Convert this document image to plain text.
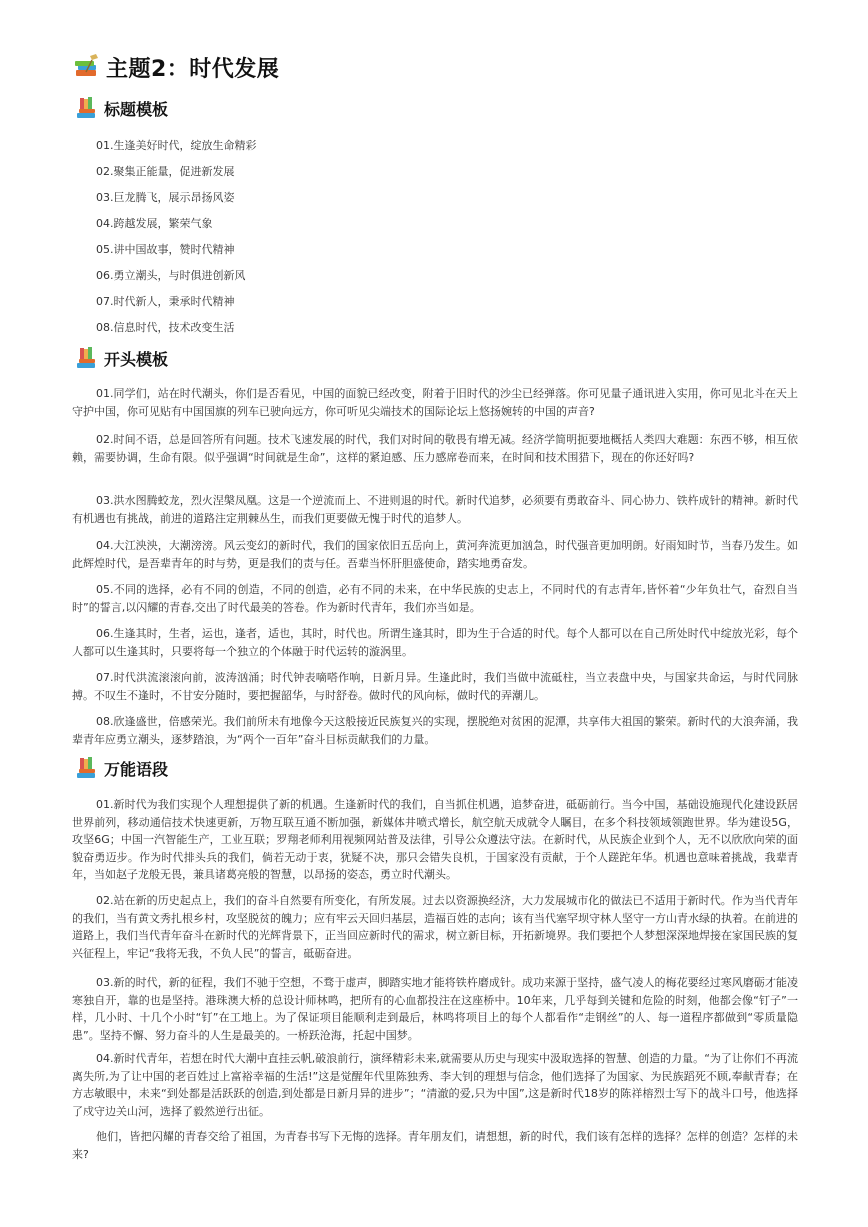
主题2：时代发展
标题模板
01.生逢美好时代，绽放生命精彩
02.聚集正能量，促进新发展
03.巨龙腾飞，展示昂扬风姿
04.跨越发展，繁荣气象
05.讲中国故事，赞时代精神
06.勇立潮头，与时俱进创新风
07.时代新人，秉承时代精神
08.信息时代，技术改变生活
开头模板
01.同学们，站在时代潮头，你们是否看见，中国的面貌已经改变，附着于旧时代的沙尘已经弹落。你可见量子通讯进入实用，你可见北斗在天上守护中国，你可见贴有中国国旗的列车已驶向远方，你可听见尖端技术的国际论坛上悠扬婉转的中国的声音?
02.时间不语，总是回答所有问题。技术飞速发展的时代，我们对时间的敬畏有增无减。经济学简明扼要地概括人类四大难题：东西不够，相互依赖，需要协调，生命有限。似乎强调“时间就是生命”，这样的紧迫感、压力感席卷而来，在时间和技术围猎下，现在的你还好吗?
03.洪水图腾蛟龙，烈火涅槃凤凰。这是一个逆流而上、不进则退的时代。新时代追梦，必须要有勇敢奋斗、同心协力、铁杵成针的精神。新时代有机遇也有挑战，前进的道路注定荆棘丛生，而我们更要做无愧于时代的追梦人。
04.大江泱泱，大潮滂滂。风云变幻的新时代，我们的国家依旧五岳向上，黄河奔流更加汹急，时代强音更加明朗。好雨知时节，当春乃发生。如此辉煌时代，是吾辈青年的时与势，更是我们的责与任。吾辈当怀肝胆盛使命，踏实地勇奋发。
05.不同的选择，必有不同的创造，不同的创造，必有不同的未来，在中华民族的史志上，不同时代的有志青年,皆怀着“少年负壮气，奋烈自当时”的誓言,以闪耀的青春,交出了时代最美的答卷。作为新时代青年，我们亦当如是。
06.生逢其时，生者，运也，逢者，适也，其时，时代也。所谓生逢其时，即为生于合适的时代。每个人都可以在自己所处时代中绽放光彩，每个人都可以生逢其时，只要将每一个独立的个体融于时代运转的漩涡里。
07.时代洪流滚滚向前，波涛汹涌；时代钟表嘀嗒作响，日新月异。生逢此时，我们当做中流砥柱，当立表盘中央，与国家共命运，与时代同脉搏。不叹生不逢时，不甘安分随时，要把握韶华，与时舒卷。做时代的风向标，做时代的弄潮儿。
08.欣逢盛世，倍感荣光。我们前所未有地像今天这般接近民族复兴的实现，摆脱绝对贫困的泥潭，共享伟大祖国的繁荣。新时代的大浪奔涌，我辈青年应勇立潮头，逐梦踏浪，为“两个一百年”奋斗目标贡献我们的力量。
万能语段
01.新时代为我们实现个人理想提供了新的机遇。生逢新时代的我们，自当抓住机遇，追梦奋进，砥砺前行。当今中国，基础设施现代化建设跃居世界前列，移动通信技术快速更新，万物互联互通不断加强，新媒体井喷式增长，航空航天成就令人瞩目，在多个科技领域领跑世界。华为建设5G，攻坚6G；中国一汽智能生产，工业互联；罗翔老师利用视频网站普及法律，引导公众遵法守法。在新时代，从民族企业到个人，无不以欣欣向荣的面貌奋勇迈步。作为时代排头兵的我们，倘若无动于衷，犹疑不决，那只会错失良机，于国家没有贡献，于个人蹉跎年华。机遇也意味着挑战，我辈青年，当如赵子龙般无畏，兼具诸葛亮般的智慧，以昂扬的姿态，勇立时代潮头。
02.站在新的历史起点上，我们的奋斗自然要有所变化，有所发展。过去以资源换经济，大力发展城市化的做法已不适用于新时代。作为当代青年的我们，当有黄文秀扎根乡村，攻坚脱贫的魄力；应有牢云天回归基层，造福百姓的志向；该有当代塞罕坝守林人坚守一方山青水绿的执着。在前进的道路上，我们当代青年奋斗在新时代的光辉背景下，正当回应新时代的需求，树立新目标，开拓新境界。我们要把个人梦想深深地焊接在家国民族的复兴征程上，牢记“我将无我，不负人民”的誓言，砥砺奋进。
03.新的时代，新的征程，我们不驰于空想，不骛于虚声，脚踏实地才能将铁杵磨成针。成功来源于坚持，盛气凌人的梅花要经过寒风磨砺才能凌寒独自开，靠的也是坚持。港珠澳大桥的总设计师林鸣，把所有的心血都投注在这座桥中。10年来，几乎每到关键和危险的时刻，他都会像“钉子”一样，几小时、十几个小时“钉”在工地上。为了保证项目能顺利走到最后，林鸣将项目上的每个人都看作“走钢丝”的人、每一道程序都做到“零质量隐患”。坚持不懈、努力奋斗的人生是最美的。一桥跃沧海，托起中国梦。
04.新时代青年，若想在时代大潮中直挂云帆,破浪前行，演绎精彩未来,就需要从历史与现实中汲取选择的智慧、创造的力量。“为了让你们不再流离失所,为了让中国的老百姓过上富裕幸福的生活!”这是觉醒年代里陈独秀、李大钊的理想与信念，他们选择了为国家、为民族蹈死不顾,奉献青春；在方志敏眼中，未来“到处都是活跃跃的创造,到处都是日新月异的进步”；“清澈的爱,只为中国”,这是新时代18岁的陈祥榕烈士写下的战斗口号，他选择了戍守边关山河，选择了毅然逆行出征。
他们，皆把闪耀的青春交给了祖国，为青春书写下无悔的选择。青年朋友们，请想想，新的时代，我们该有怎样的选择？怎样的创造？怎样的未来?
